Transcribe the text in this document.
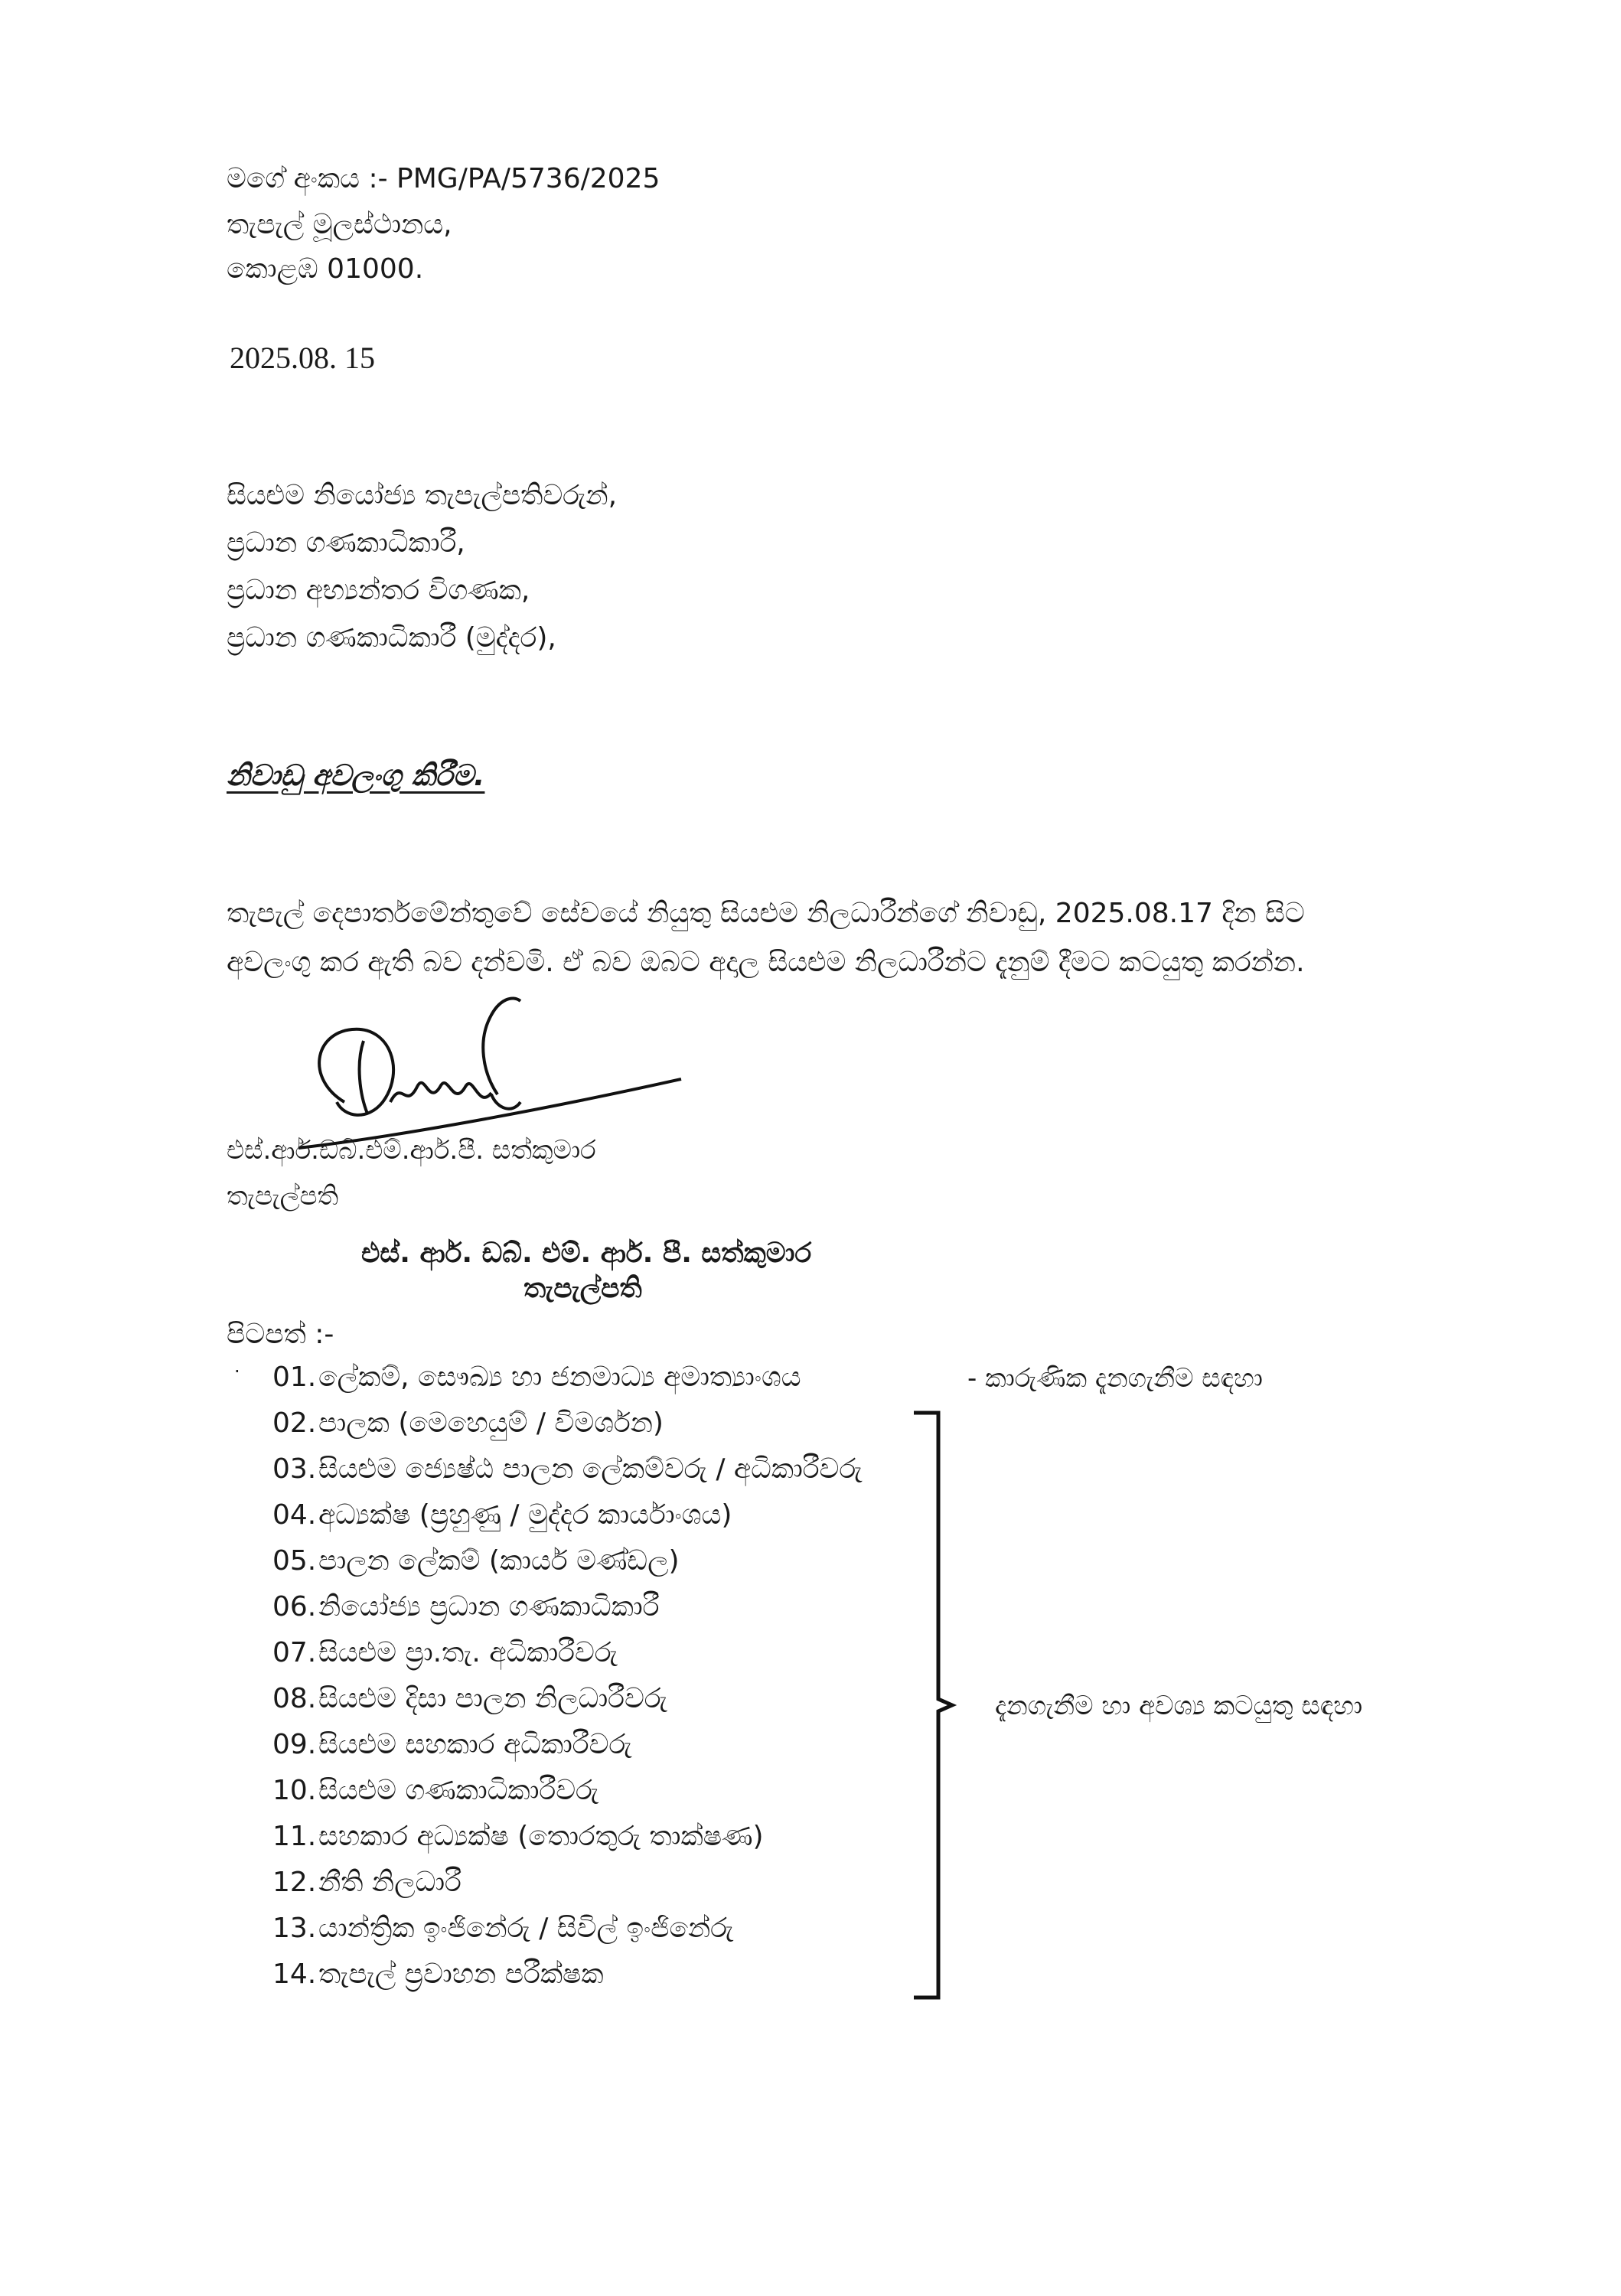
මගේ අංකය :- PMG/PA/5736/2025
තැපැල් මූලස්ථානය,
කොළඹ 01000.
2025.08. 15
සියළුම නියෝජ්‍ය තැපැල්පතිවරුන්,
ප්‍රධාන ගණකාධිකාරී,
ප්‍රධාන අභ්‍යන්තර විගණක,
ප්‍රධාන ගණකාධිකාරී (මුද්දර),
නිවාඩු අවලංගු කිරීම.
තැපැල් දෙපාර්තමේන්තුවේ සේවයේ නියුතු සියළුම නිලධාරීන්ගේ නිවාඩු, 2025.08.17 දින සිට
අවලංගු කර ඇති බව දන්වමි. ඒ බව ඔබට අදාල සියළුම නිලධාරීන්ට දැනුම් දීමට කටයුතු කරන්න.
එස්.ආර්.ඩබ්.එම්.ආර්.පී. සත්කුමාර
තැපැල්පති
එස්. ආර්. ඩබ්. එම්. ආර්. පී. සත්කුමාර
තැපැල්පති
පිටපත් :-
· 01.ලේකම්, සෞඛ්‍ය හා ජනමාධ්‍ය අමාත්‍යාංශය	- කාරුණික දැනගැනීම සඳහා
02.පාලක (මෙහෙයුම් / විමර්ශන)
03.සියළුම ජ්‍යෙෂ්ඨ පාලන ලේකම්වරු / අධිකාරීවරු
04.අධ්‍යක්ෂ (ප්‍රහුණු / මුද්දර කාර්යාංශය)
05.පාලන ලේකම් (කාර්ය මණ්ඩල)
06.නියෝජ්‍ය ප්‍රධාන ගණකාධිකාරී
07.සියළුම ප්‍රා.තැ. අධිකාරීවරු
08.සියළුම දිසා පාලන නිලධාරීවරු
09.සියළුම සහකාර අධිකාරීවරු
10.සියළුම ගණකාධිකාරීවරු
11.සහකාර අධ්‍යක්ෂ (තොරතුරු තාක්ෂණ)
12.නීති නිලධාරී
13.යාන්ත්‍රික ඉංජිනේරු / සිවිල් ඉංජිනේරු
14.තැපැල් ප්‍රවාහන පරීක්ෂක
දැනගැනීම හා අවශ්‍ය කටයුතු සඳහා
